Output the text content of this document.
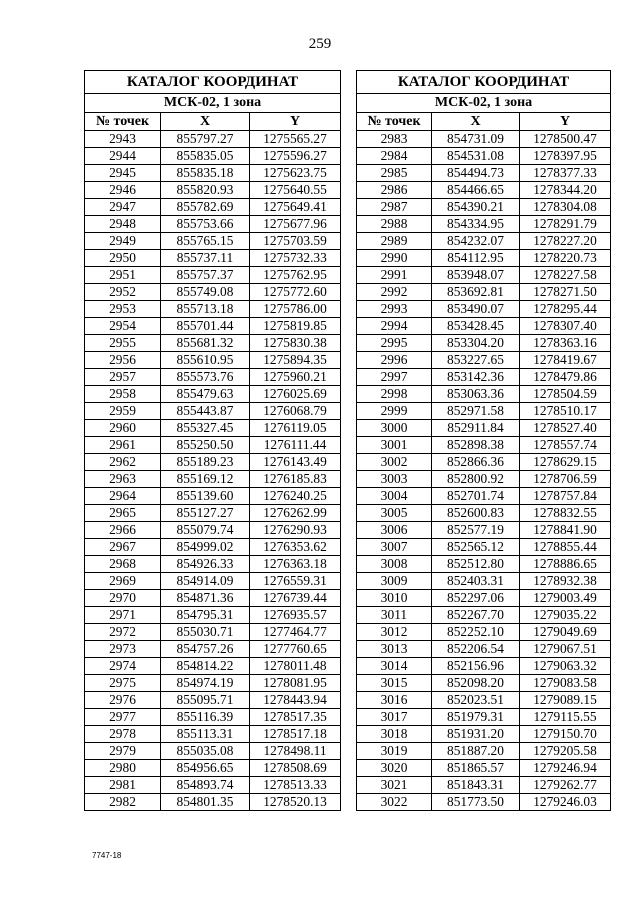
259
КАТАЛОГ КООРДИНАТ		
МСК-02, 1 зона		
№ точек	X	Y
2943	855797.27	1275565.27
2944	855835.05	1275596.27
2945	855835.18	1275623.75
2946	855820.93	1275640.55
2947	855782.69	1275649.41
2948	855753.66	1275677.96
2949	855765.15	1275703.59
2950	855737.11	1275732.33
2951	855757.37	1275762.95
2952	855749.08	1275772.60
2953	855713.18	1275786.00
2954	855701.44	1275819.85
2955	855681.32	1275830.38
2956	855610.95	1275894.35
2957	855573.76	1275960.21
2958	855479.63	1276025.69
2959	855443.87	1276068.79
2960	855327.45	1276119.05
2961	855250.50	1276111.44
2962	855189.23	1276143.49
2963	855169.12	1276185.83
2964	855139.60	1276240.25
2965	855127.27	1276262.99
2966	855079.74	1276290.93
2967	854999.02	1276353.62
2968	854926.33	1276363.18
2969	854914.09	1276559.31
2970	854871.36	1276739.44
2971	854795.31	1276935.57
2972	855030.71	1277464.77
2973	854757.26	1277760.65
2974	854814.22	1278011.48
2975	854974.19	1278081.95
2976	855095.71	1278443.94
2977	855116.39	1278517.35
2978	855113.31	1278517.18
2979	855035.08	1278498.11
2980	854956.65	1278508.69
2981	854893.74	1278513.33
2982	854801.35	1278520.13
КАТАЛОГ КООРДИНАТ		
МСК-02, 1 зона		
№ точек	X	Y
2983	854731.09	1278500.47
2984	854531.08	1278397.95
2985	854494.73	1278377.33
2986	854466.65	1278344.20
2987	854390.21	1278304.08
2988	854334.95	1278291.79
2989	854232.07	1278227.20
2990	854112.95	1278220.73
2991	853948.07	1278227.58
2992	853692.81	1278271.50
2993	853490.07	1278295.44
2994	853428.45	1278307.40
2995	853304.20	1278363.16
2996	853227.65	1278419.67
2997	853142.36	1278479.86
2998	853063.36	1278504.59
2999	852971.58	1278510.17
3000	852911.84	1278527.40
3001	852898.38	1278557.74
3002	852866.36	1278629.15
3003	852800.92	1278706.59
3004	852701.74	1278757.84
3005	852600.83	1278832.55
3006	852577.19	1278841.90
3007	852565.12	1278855.44
3008	852512.80	1278886.65
3009	852403.31	1278932.38
3010	852297.06	1279003.49
3011	852267.70	1279035.22
3012	852252.10	1279049.69
3013	852206.54	1279067.51
3014	852156.96	1279063.32
3015	852098.20	1279083.58
3016	852023.51	1279089.15
3017	851979.31	1279115.55
3018	851931.20	1279150.70
3019	851887.20	1279205.58
3020	851865.57	1279246.94
3021	851843.31	1279262.77
3022	851773.50	1279246.03
7747-18
